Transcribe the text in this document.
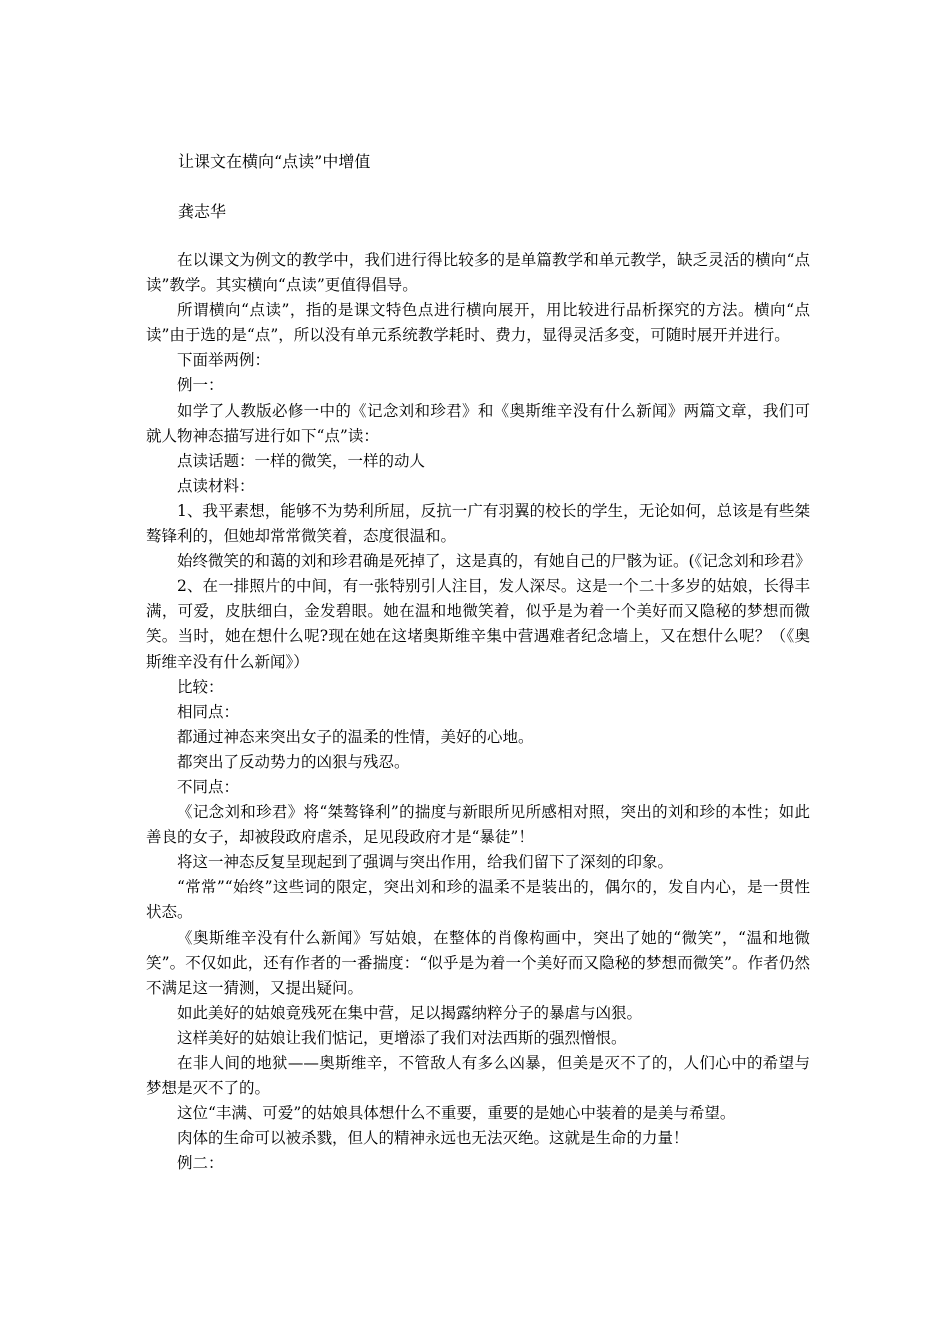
让课文在横向“点读”中增值
龚志华

在以课文为例文的教学中，我们进行得比较多的是单篇教学和单元教学，缺乏灵活的横向“点读”教学。其实横向“点读”更值得倡导。

所谓横向“点读”，指的是课文特色点进行横向展开，用比较进行品析探究的方法。横向“点读”由于选的是“点”，所以没有单元系统教学耗时、费力，显得灵活多变，可随时展开并进行。

下面举两例：

例一：

如学了人教版必修一中的《记念刘和珍君》和《奥斯维辛没有什么新闻》两篇文章，我们可就人物神态描写进行如下“点”读：

点读话题：一样的微笑，一样的动人

点读材料：

1、我平素想，能够不为势利所屈，反抗一广有羽翼的校长的学生，无论如何，总该是有些桀骜锋利的，但她却常常微笑着，态度很温和。

始终微笑的和蔼的刘和珍君确是死掉了，这是真的，有她自己的尸骸为证。(《记念刘和珍君》

2、在一排照片的中间，有一张特别引人注目，发人深尽。这是一个二十多岁的姑娘，长得丰满，可爱，皮肤细白，金发碧眼。她在温和地微笑着，似乎是为着一个美好而又隐秘的梦想而微笑。当时，她在想什么呢?现在她在这堵奥斯维辛集中营遇难者纪念墙上，又在想什么呢？（《奥斯维辛没有什么新闻》）

比较：

相同点：

都通过神态来突出女子的温柔的性情，美好的心地。

都突出了反动势力的凶狠与残忍。

不同点：

《记念刘和珍君》将“桀骜锋利”的揣度与新眼所见所感相对照，突出的刘和珍的本性；如此善良的女子，却被段政府虐杀，足见段政府才是“暴徒”！

将这一神态反复呈现起到了强调与突出作用，给我们留下了深刻的印象。

“常常”“始终”这些词的限定，突出刘和珍的温柔不是装出的，偶尔的，发自内心，是一贯性状态。

《奥斯维辛没有什么新闻》写姑娘，在整体的肖像构画中，突出了她的“微笑”，“温和地微笑”。不仅如此，还有作者的一番揣度：“似乎是为着一个美好而又隐秘的梦想而微笑”。作者仍然不满足这一猜测，又提出疑问。

如此美好的姑娘竟残死在集中营，足以揭露纳粹分子的暴虐与凶狠。

这样美好的姑娘让我们惦记，更增添了我们对法西斯的强烈憎恨。

在非人间的地狱——奥斯维辛，不管敌人有多么凶暴，但美是灭不了的，人们心中的希望与梦想是灭不了的。

这位“丰满、可爱”的姑娘具体想什么不重要，重要的是她心中装着的是美与希望。

肉体的生命可以被杀戮，但人的精神永远也无法灭绝。这就是生命的力量！

例二：
